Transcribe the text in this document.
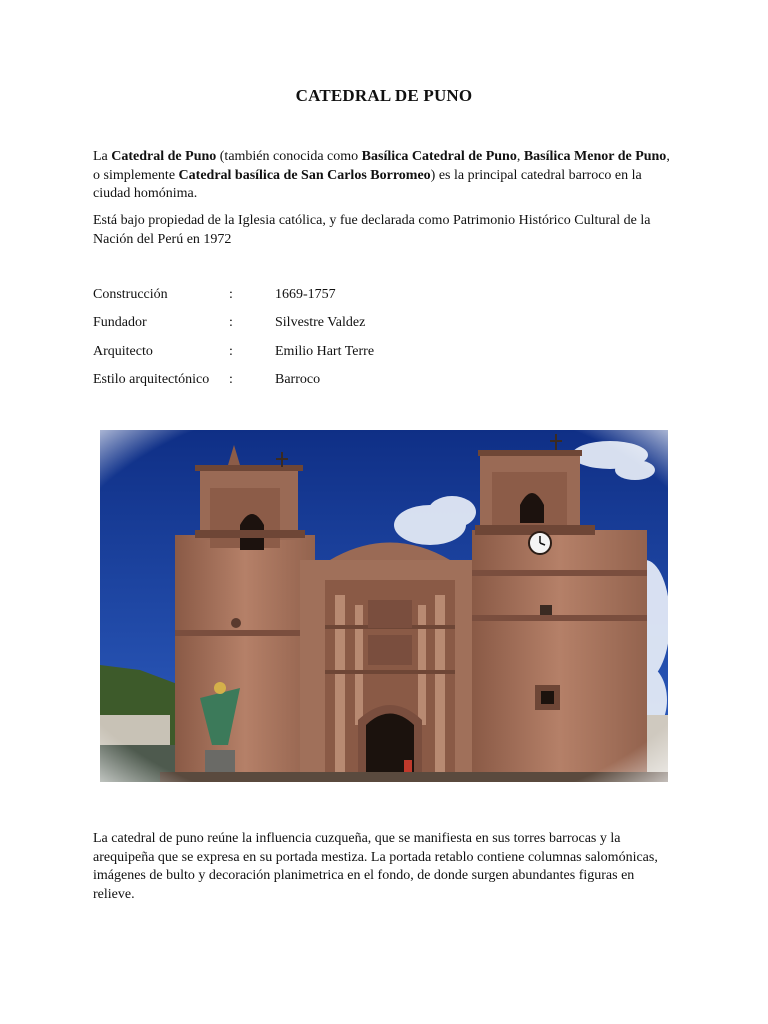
CATEDRAL DE PUNO

La Catedral de Puno (también conocida como Basílica Catedral de Puno, Basílica Menor de Puno, o simplemente Catedral basílica de San Carlos Borromeo) es la principal catedral barroco en la ciudad homónima.

Está bajo propiedad de la Iglesia católica, y fue declarada como Patrimonio Histórico Cultural de la Nación del Perú en 1972

Construcción	:	1669-1757
Fundador	:	Silvestre Valdez
Arquitecto	:	Emilio Hart Terre
Estilo arquitectónico :	Barroco

La catedral de puno reúne la influencia cuzqueña, que se manifiesta en sus torres barrocas y la arequipeña que se expresa en su portada mestiza. La portada retablo contiene columnas salomónicas, imágenes de bulto y decoración planimetrica en el fondo, de donde surgen abundantes figuras en relieve.
